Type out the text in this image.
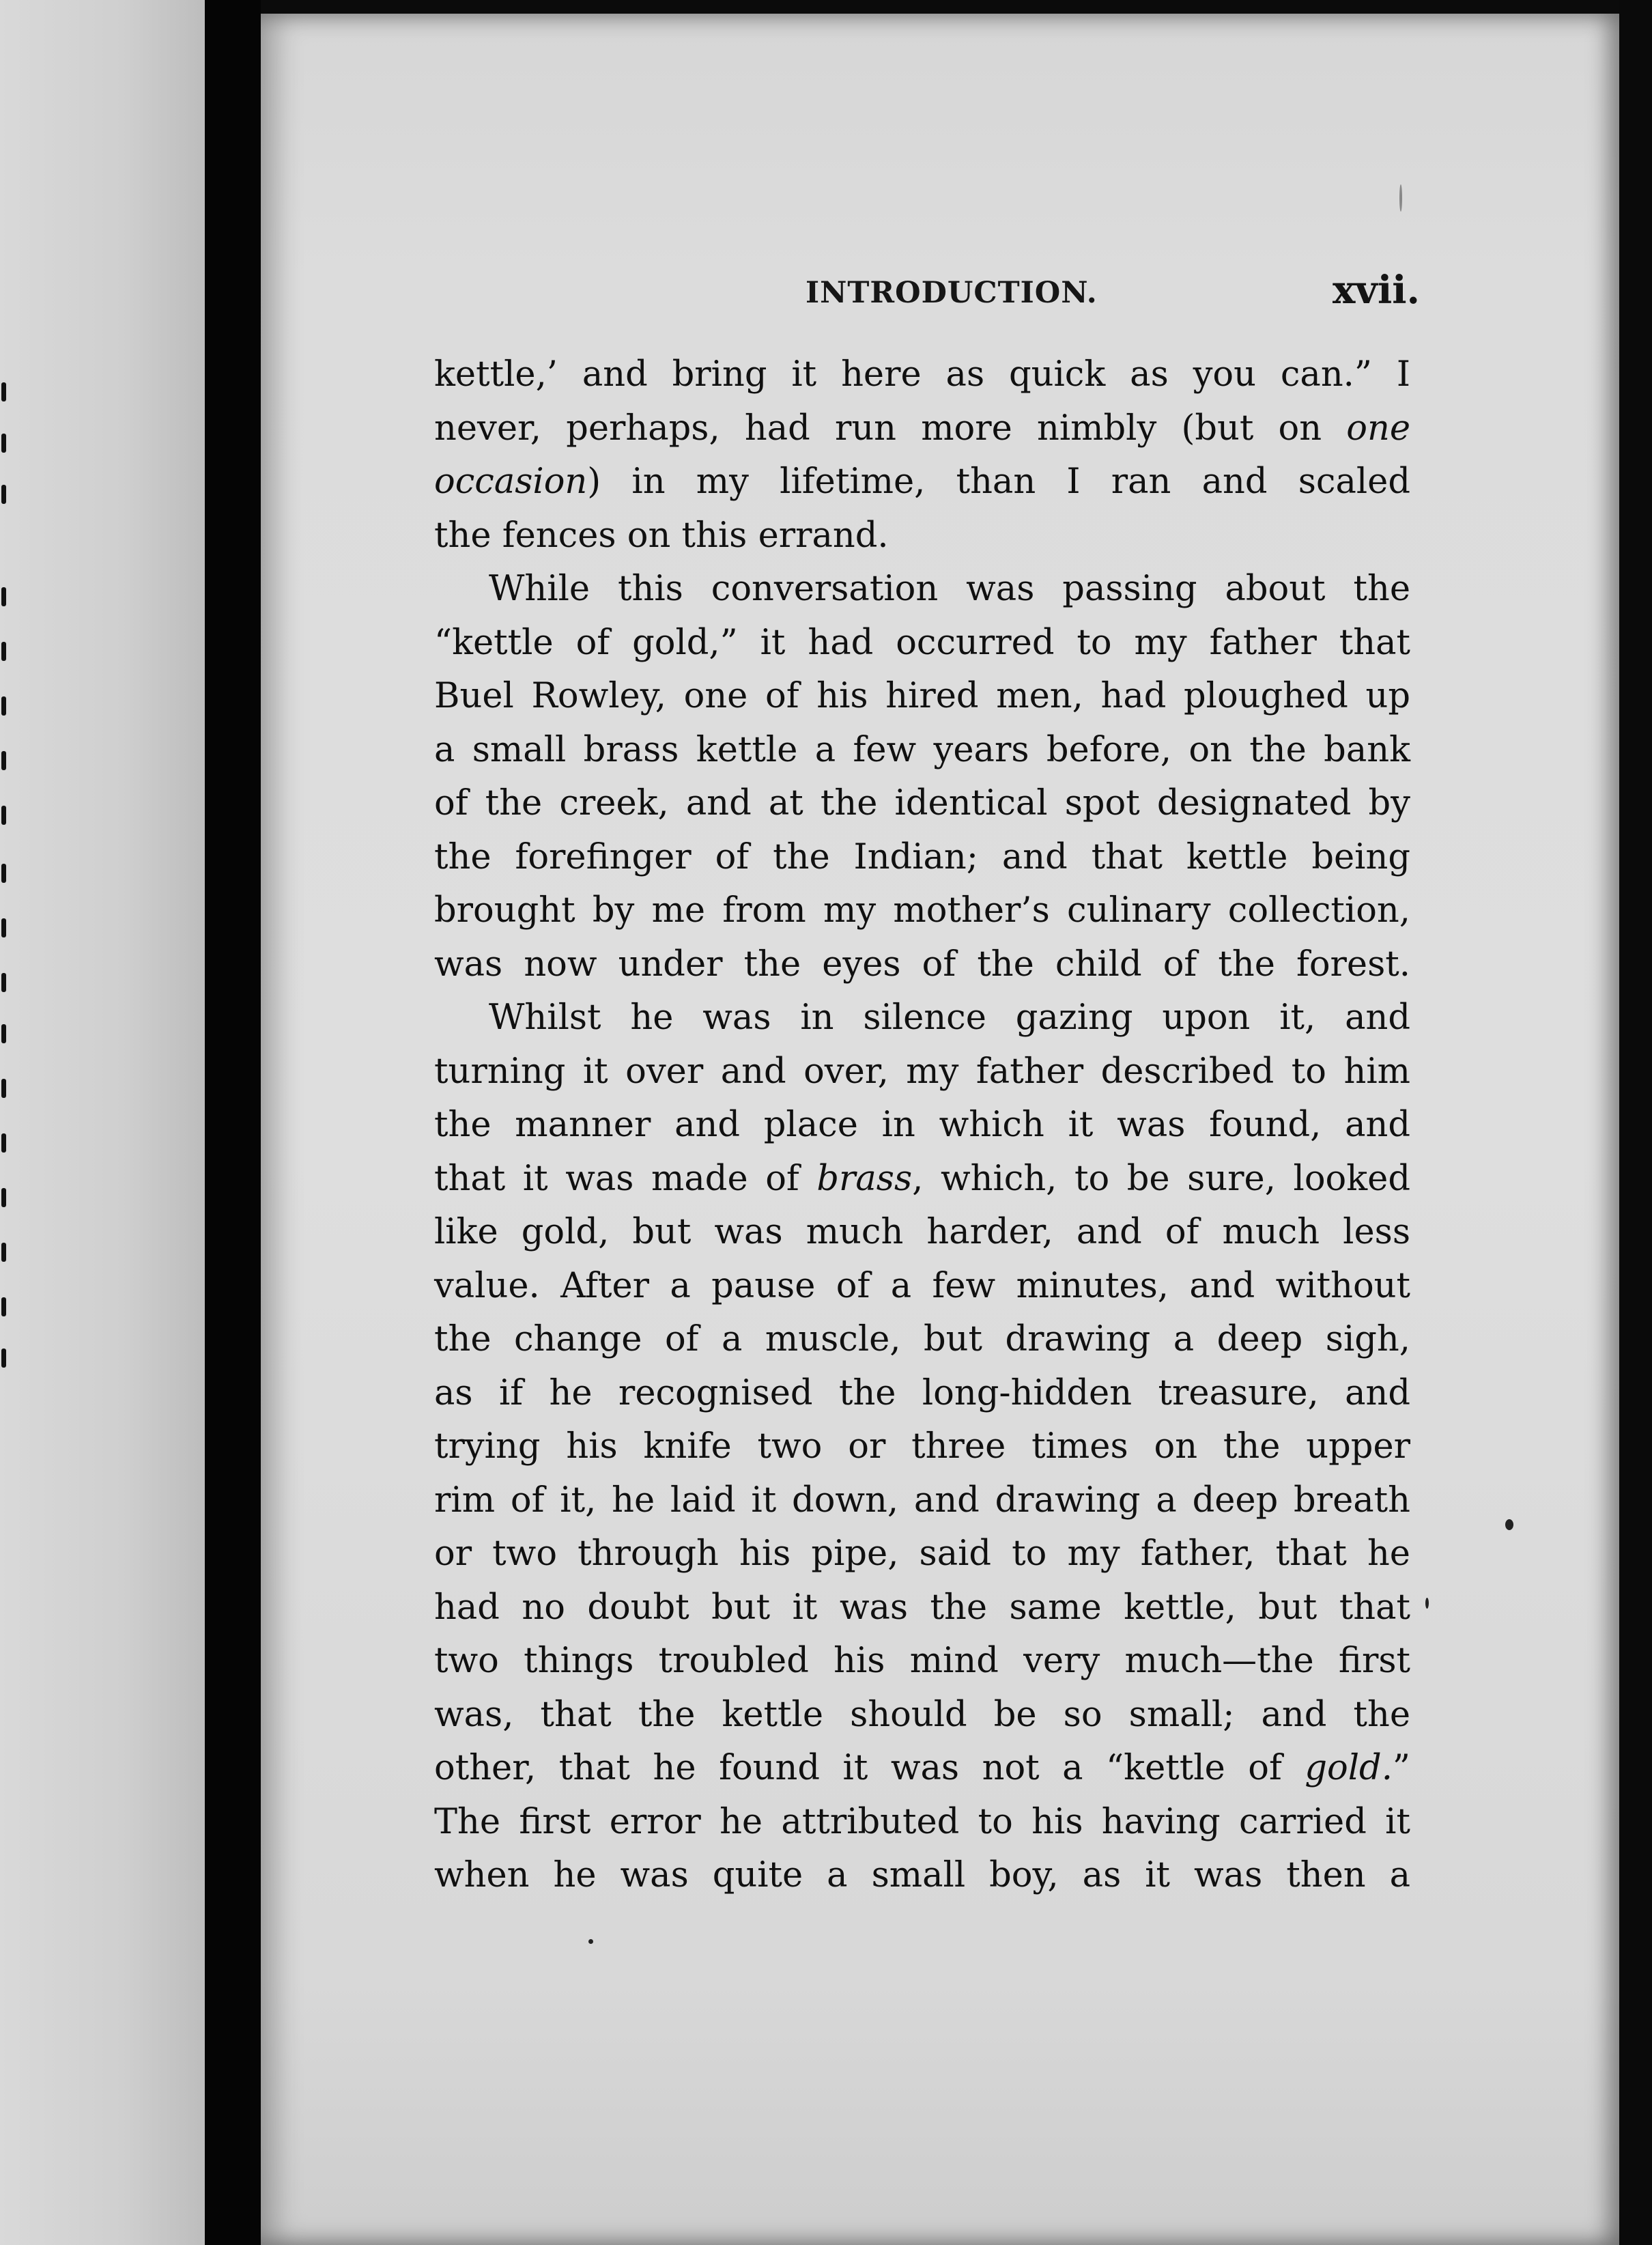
INTRODUCTION.	xvii.
kettle,’ and bring it here as quick as you can.” I
never, perhaps, had run more nimbly (but on one
occasion) in my lifetime, than I ran and scaled
the fences on this errand.
While this conversation was passing about the
“kettle of gold,” it had occurred to my father that
Buel Rowley, one of his hired men, had ploughed up
a small brass kettle a few years before, on the bank
of the creek, and at the identical spot designated by
the forefinger of the Indian; and that kettle being
brought by me from my mother’s culinary collection,
was now under the eyes of the child of the forest.
Whilst he was in silence gazing upon it, and
turning it over and over, my father described to him
the manner and place in which it was found, and
that it was made of brass, which, to be sure, looked
like gold, but was much harder, and of much less
value. After a pause of a few minutes, and without
the change of a muscle, but drawing a deep sigh,
as if he recognised the long-hidden treasure, and
trying his knife two or three times on the upper
rim of it, he laid it down, and drawing a deep breath
or two through his pipe, said to my father, that he
had no doubt but it was the same kettle, but that
two things troubled his mind very much—the first
was, that the kettle should be so small; and the
other, that he found it was not a “kettle of gold.”
The first error he attributed to his having carried it
when he was quite a small boy, as it was then a
